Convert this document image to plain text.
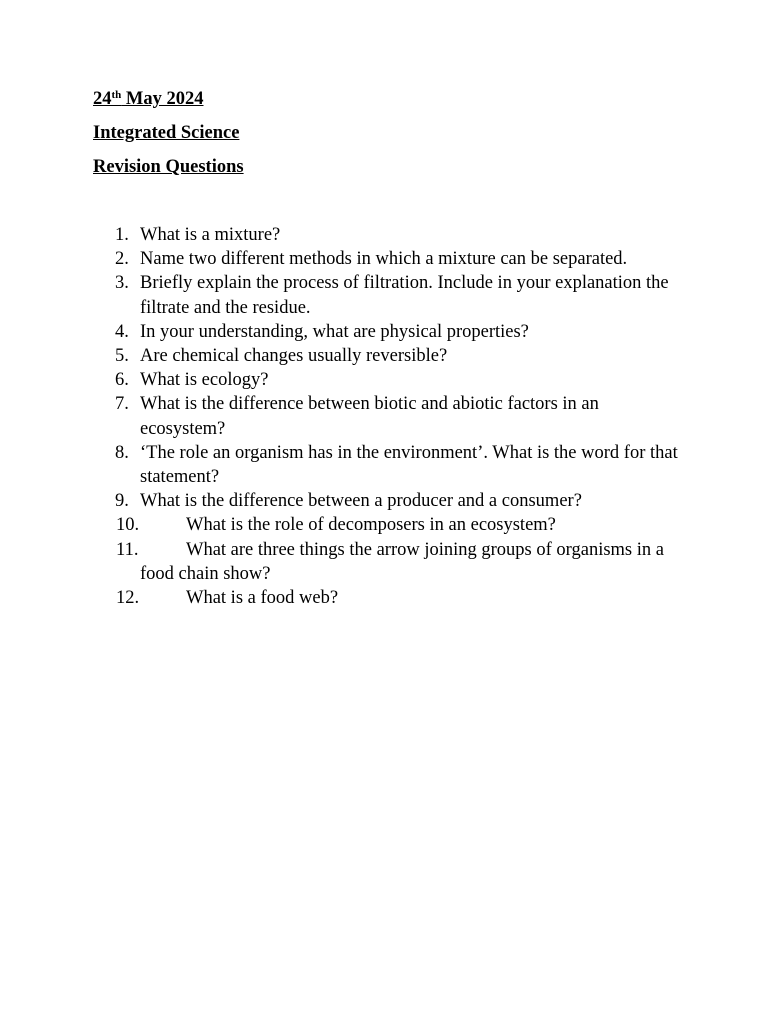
24th May 2024
Integrated Science
Revision Questions
1. What is a mixture?
2. Name two different methods in which a mixture can be separated.
3. Briefly explain the process of filtration. Include in your explanation the filtrate and the residue.
4. In your understanding, what are physical properties?
5. Are chemical changes usually reversible?
6. What is ecology?
7. What is the difference between biotic and abiotic factors in an ecosystem?
8. ‘The role an organism has in the environment’. What is the word for that statement?
9. What is the difference between a producer and a consumer?
10.	What is the role of decomposers in an ecosystem?
11.	What are three things the arrow joining groups of organisms in a food chain show?
12.	What is a food web?
